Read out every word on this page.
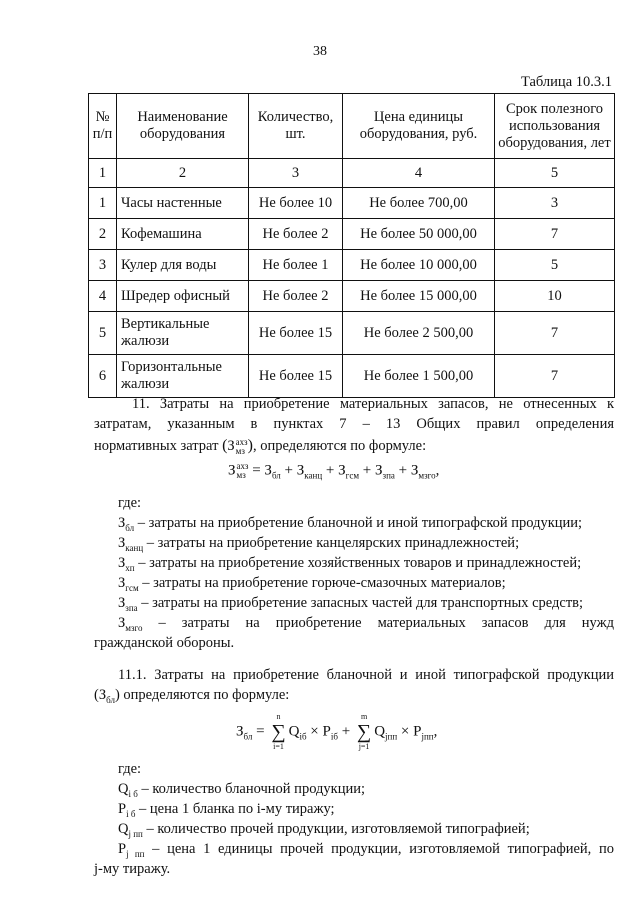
38
Таблица 10.3.1
№ п/п	Наименование оборудования	Количество, шт.	Цена единицы оборудования, руб.	Срок полезного использования оборудования, лет
1	2	3	4	5
1	Часы настенные	Не более 10	Не более 700,00	3
2	Кофемашина	Не более 2	Не более 50 000,00	7
3	Кулер для воды	Не более 1	Не более 10 000,00	5
4	Шредер офисный	Не более 2	Не более 15 000,00	10
5	Вертикальные жалюзи	Не более 15	Не более 2 500,00	7
6	Горизонтальные жалюзи	Не более 15	Не более 1 500,00	7
11. Затраты на приобретение материальных запасов, не отнесенных к
затратам, указанным в пунктах 7 – 13 Общих правил определения
нормативных затрат (З ахз
мз ), определяются по формуле:
З ахз
мз = $З_{бл} + З_{канц} + З_{гсм} + З_{зпа} + З_{мзго}$,
где:
$З_{бл}$ – затраты на приобретение бланочной и иной типографской продукции;
$З_{канц}$ – затраты на приобретение канцелярских принадлежностей;
$З_{хп}$ – затраты на приобретение хозяйственных товаров и принадлежностей;
$З_{гсм}$ – затраты на приобретение горюче-смазочных материалов;
$З_{зпа}$ – затраты на приобретение запасных частей для транспортных средств;
$З_{мзго}$ – затраты на приобретение материальных запасов для нужд
гражданской обороны.
11.1. Затраты на приобретение бланочной и иной типографской продукции
$(З_{бл})$ определяются по формуле:
$З_{бл}$ =
n
∑
i=1
$Q_{iб} \times P_{iб}$ +
m
∑
j=1
$Q_{jпп} \times P_{jпп}$,
где:
$Q_{i б}$ – количество бланочной продукции;
$P_{i б}$ – цена 1 бланка по i-му тиражу;
$Q_{j пп}$ – количество прочей продукции, изготовляемой типографией;
$P_{j пп}$ – цена 1 единицы прочей продукции, изготовляемой типографией, по
j-му тиражу.
